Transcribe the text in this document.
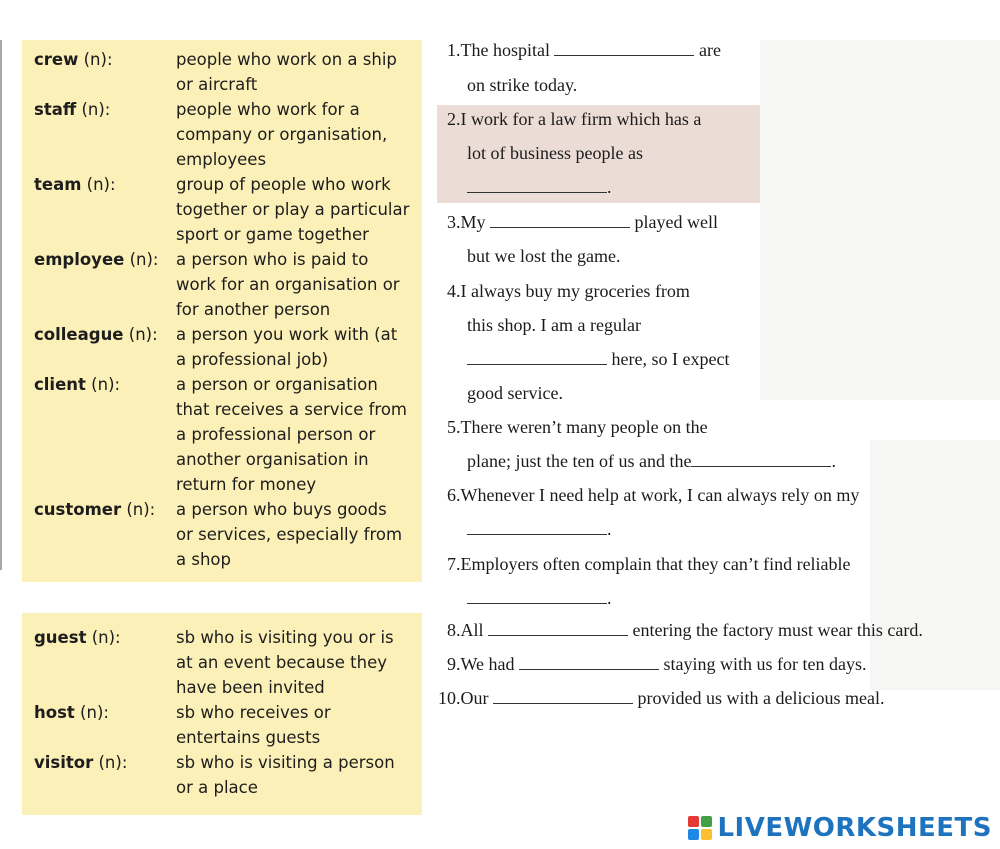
crew (n):	people who work on a ship
or aircraft
staff (n):	people who work for a
company or organisation,
employees
team (n):	group of people who work
together or play a particular
sport or game together
employee (n): a person who is paid to
work for an organisation or
for another person
colleague (n): a person you work with (at
a professional job)
client (n):	a person or organisation
that receives a service from
a professional person or
another organisation in
return for money
customer (n): a person who buys goods
or services, especially from
a shop
guest (n):	sb who is visiting you or is
at an event because they
have been invited
host (n):	sb who receives or
entertains guests
visitor (n):	sb who is visiting a person
or a place
1.The hospital	are
on strike today.
2.I work for a law firm which has a
lot of business people as
.
3.My	played well
but we lost the game.
4.I always buy my groceries from
this shop. I am a regular
here, so I expect
good service.
5.There weren’t many people on the
plane; just the ten of us and the	.
6.Whenever I need help at work, I can always rely on my
.
7.Employers often complain that they can’t find reliable
.
8.All	entering the factory must wear this card.
9.We had	staying with us for ten days.
10.Our	provided us with a delicious meal.
LIVEWORKSHEETS
